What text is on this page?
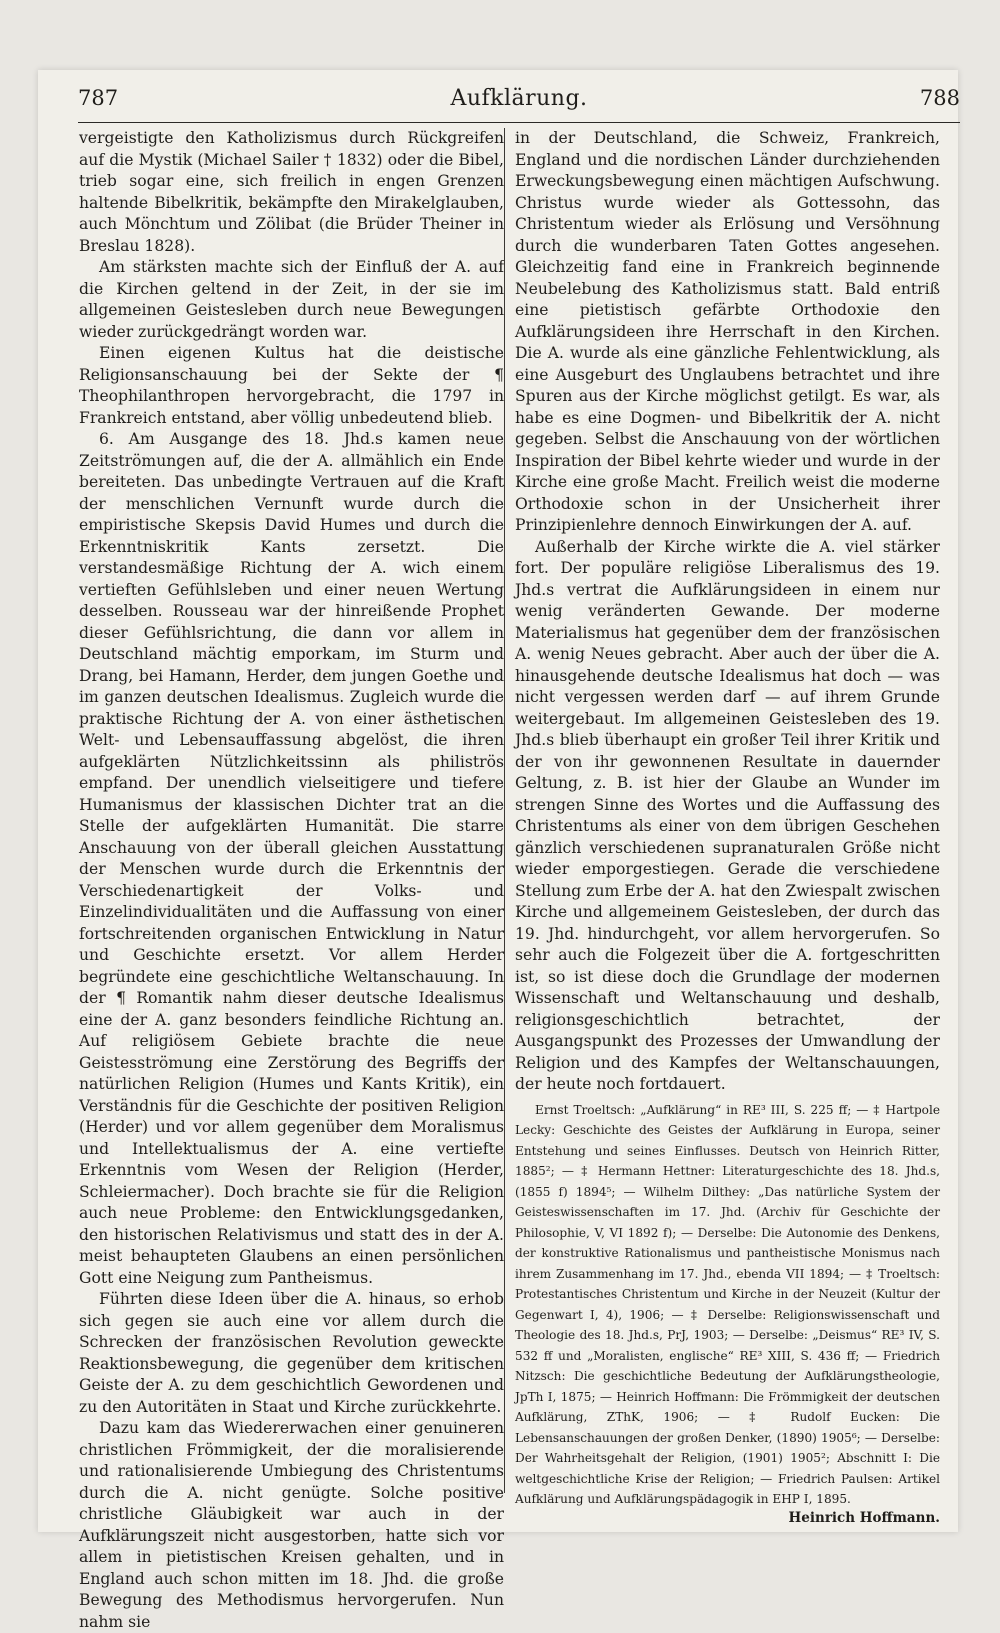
787	Aufklärung.	788

vergeistigte den Katholizismus durch Rückgreifen auf die Mystik (Michael Sailer † 1832) oder die Bibel, trieb sogar eine, sich freilich in engen Grenzen haltende Bibelkritik, bekämpfte den Mirakelglauben, auch Mönchtum und Zölibat (die Brüder Theiner in Breslau 1828).

Am stärksten machte sich der Einfluß der A. auf die Kirchen geltend in der Zeit, in der sie im allgemeinen Geistesleben durch neue Bewegungen wieder zurückgedrängt worden war.

Einen eigenen Kultus hat die deistische Religionsanschauung bei der Sekte der ¶ Theophilanthropen hervorgebracht, die 1797 in Frankreich entstand, aber völlig unbedeutend blieb.

6. Am Ausgange des 18. Jhd.s kamen neue Zeitströmungen auf, die der A. allmählich ein Ende bereiteten. Das unbedingte Vertrauen auf die Kraft der menschlichen Vernunft wurde durch die empiristische Skepsis David Humes und durch die Erkenntniskritik Kants zersetzt. Die verstandesmäßige Richtung der A. wich einem vertieften Gefühlsleben und einer neuen Wertung desselben. Rousseau war der hinreißende Prophet dieser Gefühlsrichtung, die dann vor allem in Deutschland mächtig emporkam, im Sturm und Drang, bei Hamann, Herder, dem jungen Goethe und im ganzen deutschen Idealismus. Zugleich wurde die praktische Richtung der A. von einer ästhetischen Welt- und Lebensauffassung abgelöst, die ihren aufgeklärten Nützlichkeitssinn als philiströs empfand. Der unendlich vielseitigere und tiefere Humanismus der klassischen Dichter trat an die Stelle der aufgeklärten Humanität. Die starre Anschauung von der überall gleichen Ausstattung der Menschen wurde durch die Erkenntnis der Verschiedenartigkeit der Volks- und Einzelindividualitäten und die Auffassung von einer fortschreitenden organischen Entwicklung in Natur und Geschichte ersetzt. Vor allem Herder begründete eine geschichtliche Weltanschauung. In der ¶ Romantik nahm dieser deutsche Idealismus eine der A. ganz besonders feindliche Richtung an. Auf religiösem Gebiete brachte die neue Geistesströmung eine Zerstörung des Begriffs der natürlichen Religion (Humes und Kants Kritik), ein Verständnis für die Geschichte der positiven Religion (Herder) und vor allem gegenüber dem Moralismus und Intellektualismus der A. eine vertiefte Erkenntnis vom Wesen der Religion (Herder, Schleiermacher). Doch brachte sie für die Religion auch neue Probleme: den Entwicklungsgedanken, den historischen Relativismus und statt des in der A. meist behaupteten Glaubens an einen persönlichen Gott eine Neigung zum Pantheismus.

Führten diese Ideen über die A. hinaus, so erhob sich gegen sie auch eine vor allem durch die Schrecken der französischen Revolution geweckte Reaktionsbewegung, die gegenüber dem kritischen Geiste der A. zu dem geschichtlich Gewordenen und zu den Autoritäten in Staat und Kirche zurückkehrte.

Dazu kam das Wiedererwachen einer genuineren christlichen Frömmigkeit, der die moralisierende und rationalisierende Umbiegung des Christentums durch die A. nicht genügte. Solche positive christliche Gläubigkeit war auch in der Aufklärungszeit nicht ausgestorben, hatte sich vor allem in pietistischen Kreisen gehalten, und in England auch schon mitten im 18. Jhd. die große Bewegung des Methodismus hervorgerufen. Nun nahm sie

in der Deutschland, die Schweiz, Frankreich, England und die nordischen Länder durchziehenden Erweckungsbewegung einen mächtigen Aufschwung. Christus wurde wieder als Gottessohn, das Christentum wieder als Erlösung und Versöhnung durch die wunderbaren Taten Gottes angesehen. Gleichzeitig fand eine in Frankreich beginnende Neubelebung des Katholizismus statt. Bald entriß eine pietistisch gefärbte Orthodoxie den Aufklärungsideen ihre Herrschaft in den Kirchen. Die A. wurde als eine gänzliche Fehlentwicklung, als eine Ausgeburt des Unglaubens betrachtet und ihre Spuren aus der Kirche möglichst getilgt. Es war, als habe es eine Dogmen- und Bibelkritik der A. nicht gegeben. Selbst die Anschauung von der wörtlichen Inspiration der Bibel kehrte wieder und wurde in der Kirche eine große Macht. Freilich weist die moderne Orthodoxie schon in der Unsicherheit ihrer Prinzipienlehre dennoch Einwirkungen der A. auf.

Außerhalb der Kirche wirkte die A. viel stärker fort. Der populäre religiöse Liberalismus des 19. Jhd.s vertrat die Aufklärungsideen in einem nur wenig veränderten Gewande. Der moderne Materialismus hat gegenüber dem der französischen A. wenig Neues gebracht. Aber auch der über die A. hinausgehende deutsche Idealismus hat doch — was nicht vergessen werden darf — auf ihrem Grunde weitergebaut. Im allgemeinen Geistesleben des 19. Jhd.s blieb überhaupt ein großer Teil ihrer Kritik und der von ihr gewonnenen Resultate in dauernder Geltung, z. B. ist hier der Glaube an Wunder im strengen Sinne des Wortes und die Auffassung des Christentums als einer von dem übrigen Geschehen gänzlich verschiedenen supranaturalen Größe nicht wieder emporgestiegen. Gerade die verschiedene Stellung zum Erbe der A. hat den Zwiespalt zwischen Kirche und allgemeinem Geistesleben, der durch das 19. Jhd. hindurchgeht, vor allem hervorgerufen. So sehr auch die Folgezeit über die A. fortgeschritten ist, so ist diese doch die Grundlage der modernen Wissenschaft und Weltanschauung und deshalb, religionsgeschichtlich betrachtet, der Ausgangspunkt des Prozesses der Umwandlung der Religion und des Kampfes der Weltanschauungen, der heute noch fortdauert.

Ernst Troeltsch: „Aufklärung“ in RE³ III, S. 225 ff; — ‡ Hartpole Lecky: Geschichte des Geistes der Aufklärung in Europa, seiner Entstehung und seines Einflusses. Deutsch von Heinrich Ritter, 1885²; — ‡ Hermann Hettner: Literaturgeschichte des 18. Jhd.s, (1855 f) 1894⁵; — Wilhelm Dilthey: „Das natürliche System der Geisteswissenschaften im 17. Jhd. (Archiv für Geschichte der Philosophie, V, VI 1892 f); — Derselbe: Die Autonomie des Denkens, der konstruktive Rationalismus und pantheistische Monismus nach ihrem Zusammenhang im 17. Jhd., ebenda VII 1894; — ‡ Troeltsch: Protestantisches Christentum und Kirche in der Neuzeit (Kultur der Gegenwart I, 4), 1906; — ‡ Derselbe: Religionswissenschaft und Theologie des 18. Jhd.s, PrJ, 1903; — Derselbe: „Deismus“ RE³ IV, S. 532 ff und „Moralisten, englische“ RE³ XIII, S. 436 ff; — Friedrich Nitzsch: Die geschichtliche Bedeutung der Aufklärungstheologie, JpTh I, 1875; — Heinrich Hoffmann: Die Frömmigkeit der deutschen Aufklärung, ZThK, 1906; — ‡ Rudolf Eucken: Die Lebensanschauungen der großen Denker, (1890) 1905⁶; — Derselbe: Der Wahrheitsgehalt der Religion, (1901) 1905²; Abschnitt I: Die weltgeschichtliche Krise der Religion; — Friedrich Paulsen: Artikel Aufklärung und Aufklärungspädagogik in EHP I, 1895.

Heinrich Hoffmann.
